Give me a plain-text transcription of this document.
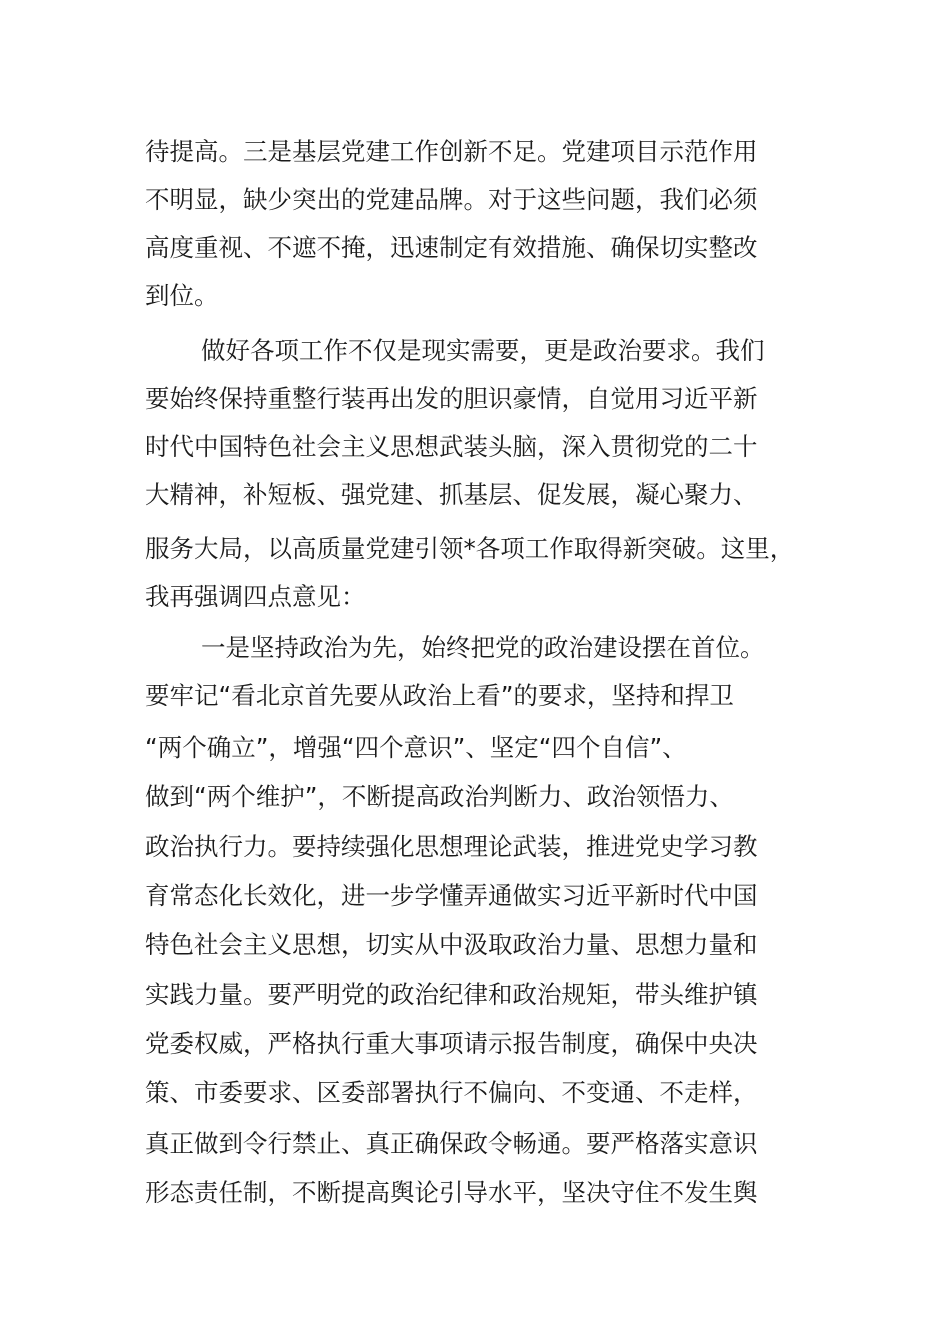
待提高。三是基层党建工作创新不足。党建项目示范作用

不明显，缺少突出的党建品牌。对于这些问题，我们必须

高度重视、不遮不掩，迅速制定有效措施、确保切实整改

到位。

做好各项工作不仅是现实需要，更是政治要求。我们

要始终保持重整行装再出发的胆识豪情，自觉用习近平新

时代中国特色社会主义思想武装头脑，深入贯彻党的二十

大精神，补短板、强党建、抓基层、促发展，凝心聚力、

服务大局，以高质量党建引领*各项工作取得新突破。这里，

我再强调四点意见：

一是坚持政治为先，始终把党的政治建设摆在首位。

要牢记“看北京首先要从政治上看”的要求，坚持和捍卫

“两个确立”，增强“四个意识”、坚定“四个自信”、

做到“两个维护”，不断提高政治判断力、政治领悟力、

政治执行力。要持续强化思想理论武装，推进党史学习教

育常态化长效化，进一步学懂弄通做实习近平新时代中国

特色社会主义思想，切实从中汲取政治力量、思想力量和

实践力量。要严明党的政治纪律和政治规矩，带头维护镇

党委权威，严格执行重大事项请示报告制度，确保中央决

策、市委要求、区委部署执行不偏向、不变通、不走样，

真正做到令行禁止、真正确保政令畅通。要严格落实意识

形态责任制，不断提高舆论引导水平，坚决守住不发生舆
